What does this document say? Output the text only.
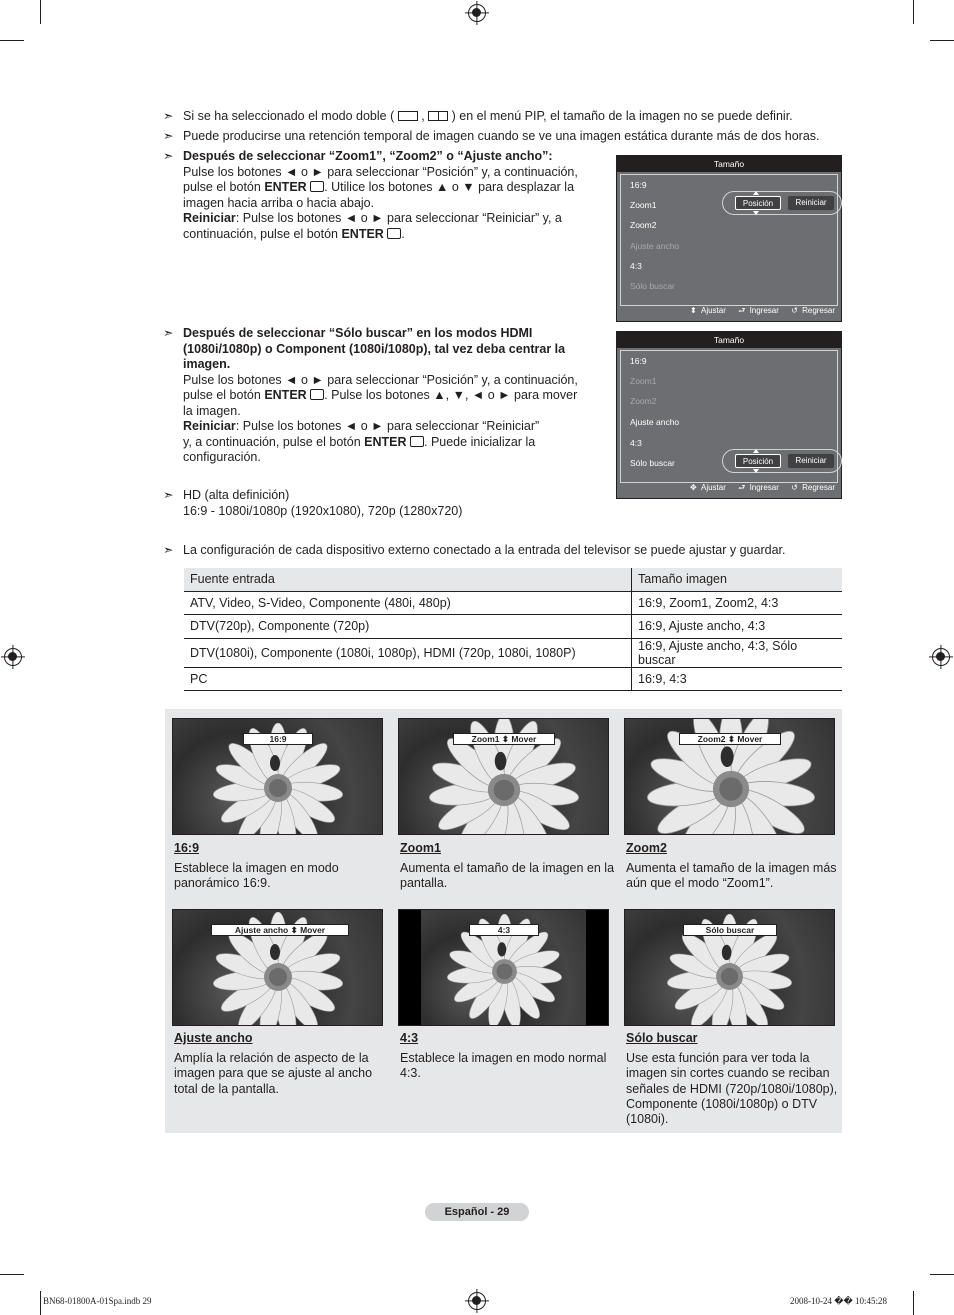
➣ Si se ha seleccionado el modo doble ( , ) en el menú PIP, el tamaño de la imagen no se puede definir.
➣ Puede producirse una retención temporal de imagen cuando se ve una imagen estática durante más de dos horas.
➣ Después de seleccionar “Zoom1”, “Zoom2” o “Ajuste ancho”:
Pulse los botones ◄ o ► para seleccionar “Posición” y, a continuación,
pulse el botón ENTER . Utilice los botones ▲ o ▼ para desplazar la
imagen hacia arriba o hacia abajo.
Reiniciar: Pulse los botones ◄ o ► para seleccionar “Reiniciar” y, a
continuación, pulse el botón ENTER .
Tamaño
16:9
Zoom1
Zoom2
Ajuste ancho
4:3
Sólo buscar
Posición	Reiniciar
⬍ Ajustar ⮐ Ingresar ↺ Regresar
➣ Después de seleccionar “Sólo buscar” en los modos HDMI
(1080i/1080p) o Component (1080i/1080p), tal vez deba centrar la
imagen.
Pulse los botones ◄ o ► para seleccionar “Posición” y, a continuación,
pulse el botón ENTER . Pulse los botones ▲, ▼, ◄ o ► para mover
la imagen.
Reiniciar: Pulse los botones ◄ o ► para seleccionar “Reiniciar”
y, a continuación, pulse el botón ENTER . Puede inicializar la
configuración.
Tamaño
16:9
Zoom1
Zoom2
Ajuste ancho
4:3
Sólo buscar	Posición	Reiniciar
✥ Ajustar ⮐ Ingresar ↺ Regresar
➣ HD (alta definición)
16:9 - 1080i/1080p (1920x1080), 720p (1280x720)
➣ La configuración de cada dispositivo externo conectado a la entrada del televisor se puede ajustar y guardar.
Fuente entrada	Tamaño imagen
ATV, Video, S-Video, Componente (480i, 480p)	16:9, Zoom1, Zoom2, 4:3
DTV(720p), Componente (720p)	16:9, Ajuste ancho, 4:3
DTV(1080i), Componente (1080i, 1080p), HDMI (720p, 1080i, 1080P)	16:9, Ajuste ancho, 4:3, Sólo buscar
PC	16:9, 4:3
16:9
16:9

Establece la imagen en modo panorámico 16:9.

Zoom1 ⬍ Mover
Zoom1

Aumenta el tamaño de la imagen en la pantalla.

Zoom2 ⬍ Mover
Zoom2

Aumenta el tamaño de la imagen más aún que el modo “Zoom1”.

Ajuste ancho ⬍ Mover
Ajuste ancho

Amplía la relación de aspecto de la imagen para que se ajuste al ancho total de la pantalla.

4:3
4:3

Establece la imagen en modo normal 4:3.

Sólo buscar
Sólo buscar

Use esta función para ver toda la imagen sin cortes cuando se reciban señales de HDMI (720p/1080i/1080p), Componente (1080i/1080p) o DTV (1080i).

Español - 29
BN68-01800A-01Spa.indb 29	2008-10-24 �� 10:45:28
